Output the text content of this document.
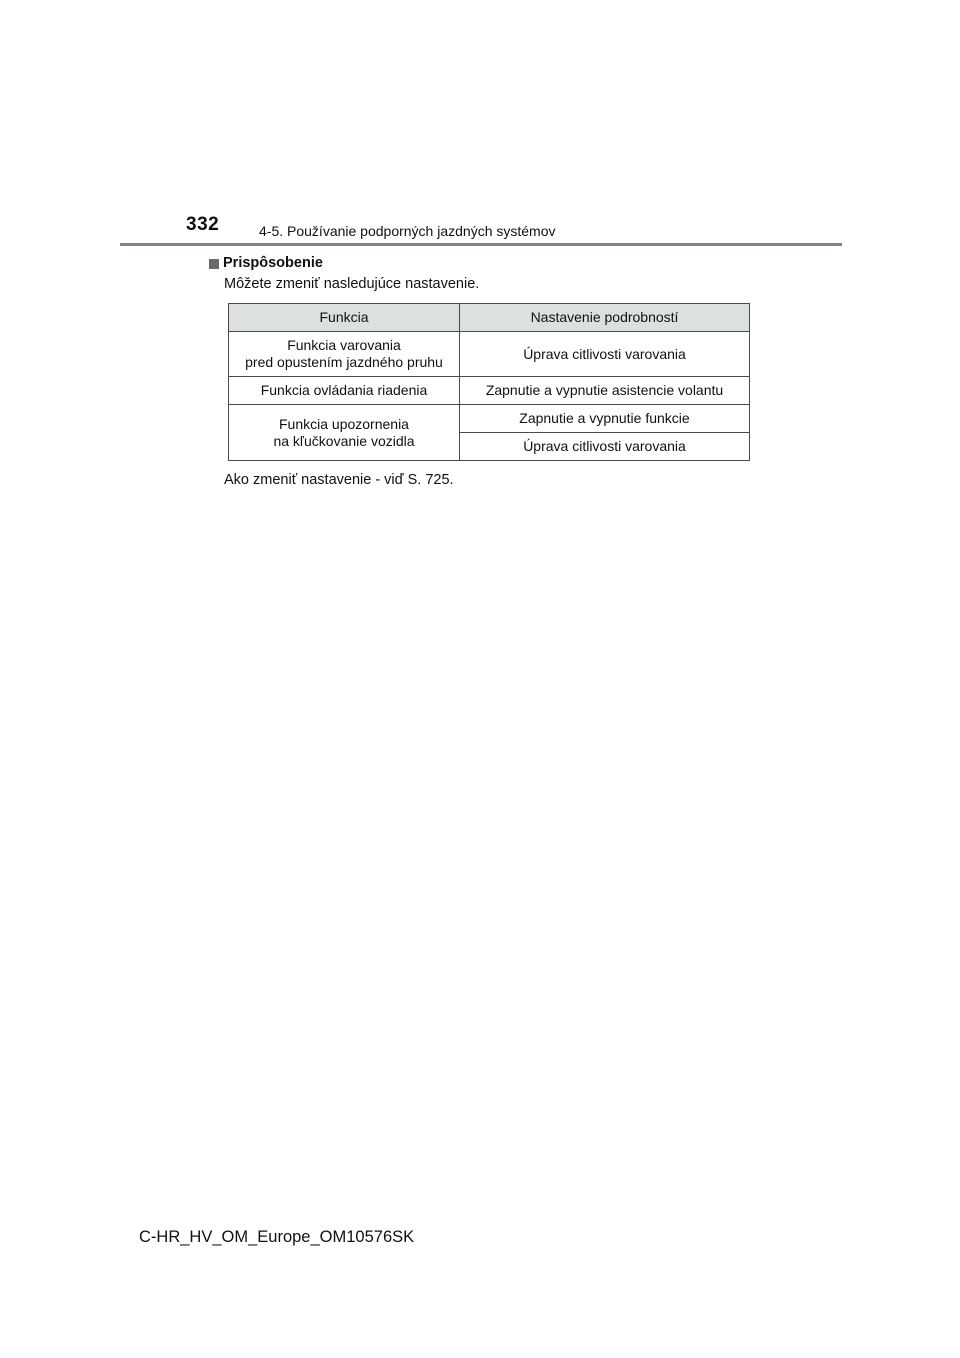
332	4-5. Používanie podporných jazdných systémov
Prispôsobenie
Môžete zmeniť nasledujúce nastavenie.
Funkcia	Nastavenie podrobností

Funkcia varovania
pred opustením jazdného pruhu	Úprava citlivosti varovania
Funkcia ovládania riadenia	Zapnutie a vypnutie asistencie volantu

Funkcia upozornenia
na kľučkovanie vozidla	Zapnutie a vypnutie funkcie
	Úprava citlivosti varovania
Ako zmeniť nastavenie - viď S. 725.
C-HR_HV_OM_Europe_OM10576SK
